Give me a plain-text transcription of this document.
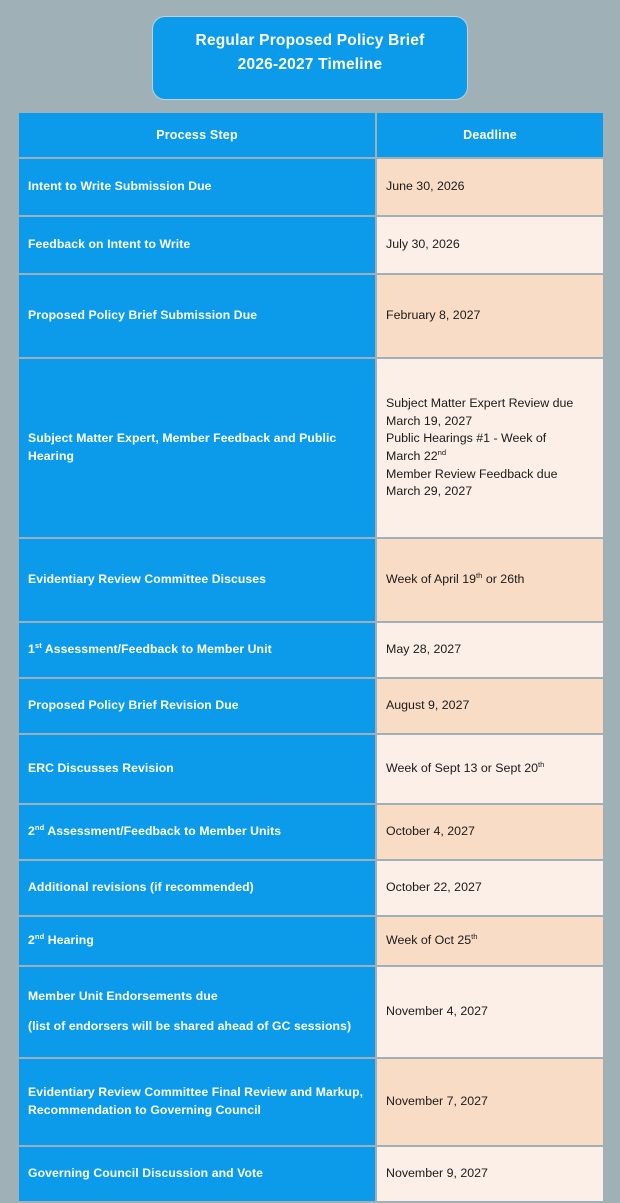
Regular Proposed Policy Brief
2026-2027 Timeline
Process Step	Deadline
Intent to Write Submission Due	June 30, 2026
Feedback on Intent to Write	July 30, 2026
Proposed Policy Brief Submission Due	February 8, 2027
Subject Matter Expert, Member Feedback and Public Hearing	Subject Matter Expert Review due
March 19, 2027
Public Hearings #1 - Week of
March 22nd
Member Review Feedback due
March 29, 2027
Evidentiary Review Committee Discuses	Week of April 19th or 26th
1st Assessment/Feedback to Member Unit	May 28, 2027
Proposed Policy Brief Revision Due	August 9, 2027
ERC Discusses Revision	Week of Sept 13 or Sept 20th
2nd Assessment/Feedback to Member Units	October 4, 2027
Additional revisions (if recommended)	October 22, 2027
2nd Hearing	Week of Oct 25th
Member Unit Endorsements due
(list of endorsers will be shared ahead of GC sessions)	November 4, 2027
Evidentiary Review Committee Final Review and Markup, Recommendation to Governing Council	November 7, 2027
Governing Council Discussion and Vote	November 9, 2027
